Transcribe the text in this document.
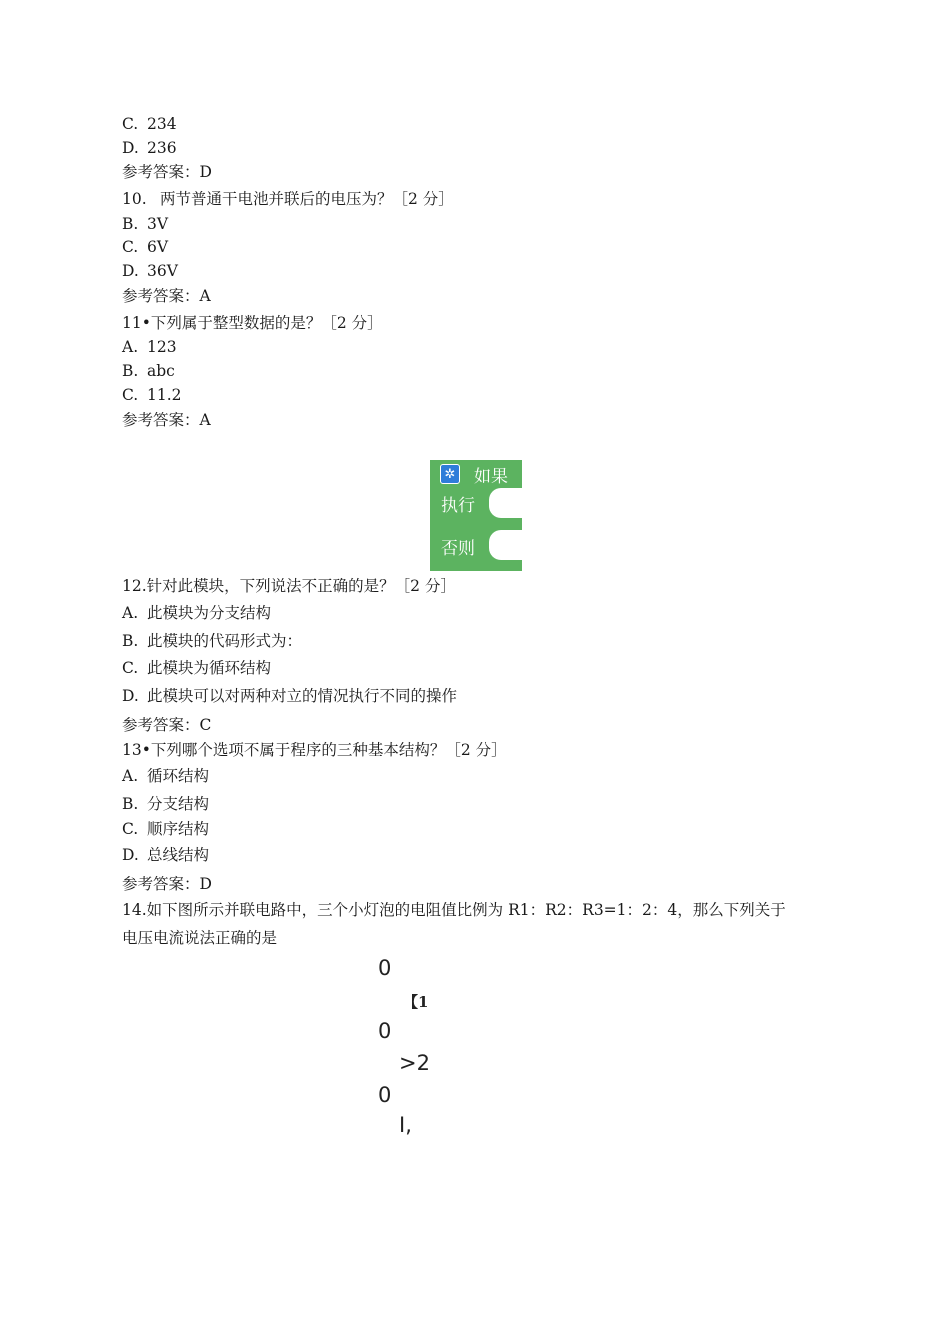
C. 234
D. 236
参考答案：D
10. 两节普通干电池并联后的电压为？［2 分］
B. 3V
C. 6V
D. 36V
参考答案：A
11•下列属于整型数据的是？［2 分］
A. 123
B. abc
C. 11.2
参考答案：A
✲ 如果
执行
否则
12.针对此模块，下列说法不正确的是？［2 分］
A. 此模块为分支结构
B. 此模块的代码形式为：
C. 此模块为循环结构
D. 此模块可以对两种对立的情况执行不同的操作
参考答案：C
13•下列哪个选项不属于程序的三种基本结构？［2 分］
A. 循环结构
B. 分支结构
C. 顺序结构
D. 总线结构
参考答案：D
14.如下图所示并联电路中，三个小灯泡的电阻值比例为 R1：R2：R3=1：2：4，那么下列关于
电压电流说法正确的是
0
【1
0
>2
0
I,
